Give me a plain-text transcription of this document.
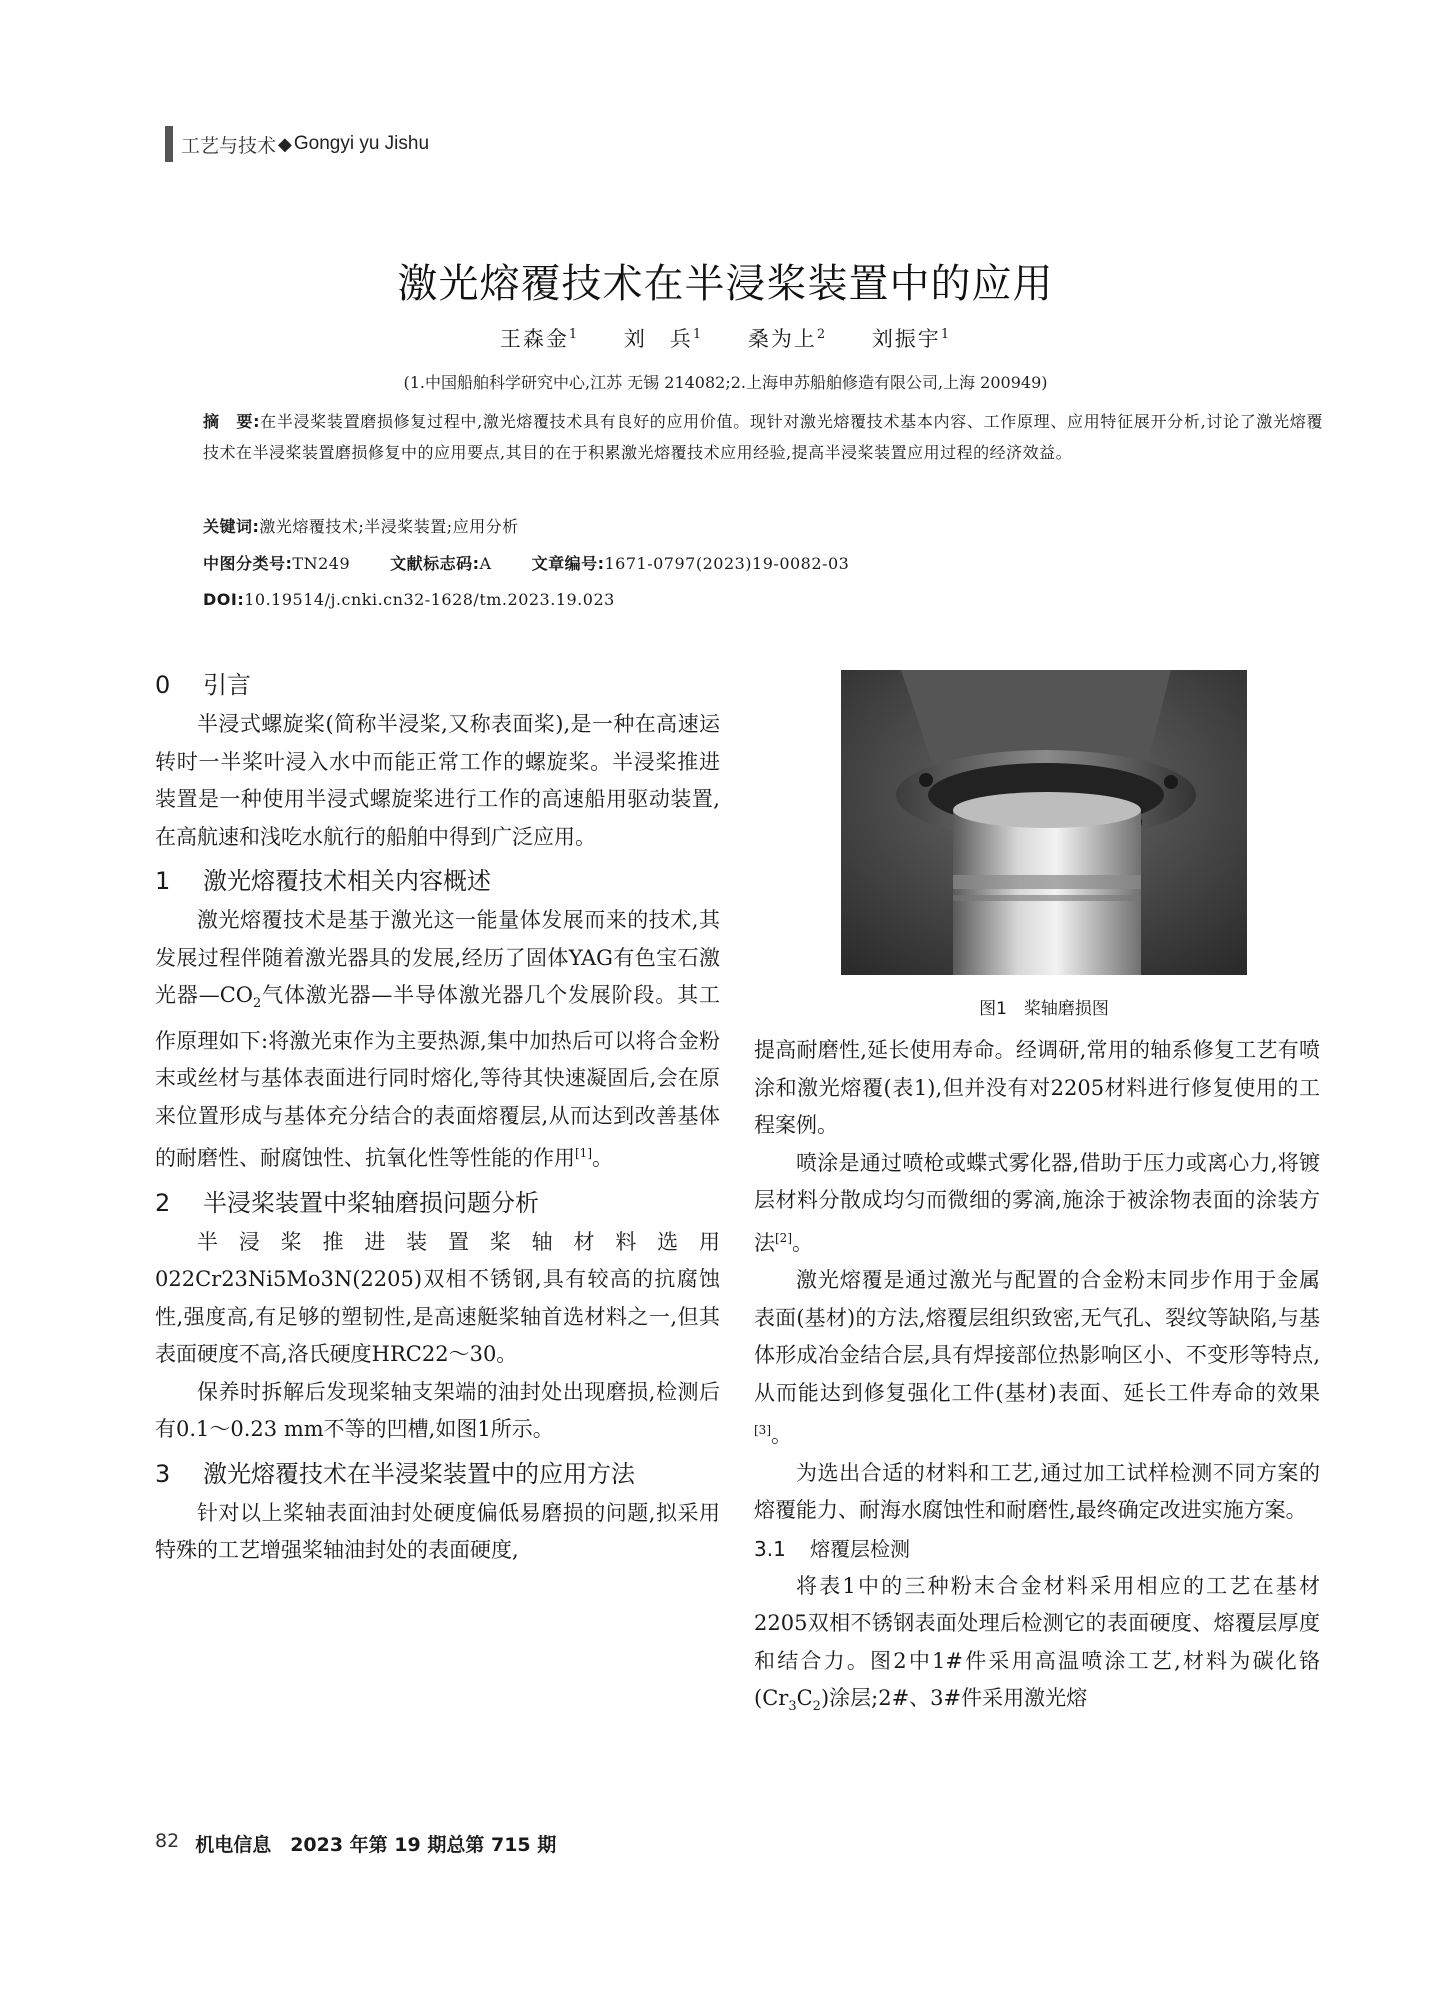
工艺与技术 ◆ Gongyi yu Jishu
激光熔覆技术在半浸桨装置中的应用
王森金$^1$ 刘　兵$^1$ 桑为上$^2$ 刘振宇$^1$
(1.中国船舶科学研究中心,江苏 无锡 214082;2.上海申苏船舶修造有限公司,上海 200949)
摘　要:在半浸桨装置磨损修复过程中,激光熔覆技术具有良好的应用价值。现针对激光熔覆技术基本内容、工作原理、应用特征展开分析,讨论了激光熔覆技术在半浸桨装置磨损修复中的应用要点,其目的在于积累激光熔覆技术应用经验,提高半浸桨装置应用过程的经济效益。
关键词:激光熔覆技术;半浸桨装置;应用分析
中图分类号:TN249	文献标志码:A	文章编号:1671-0797(2023)19-0082-03
DOI:10.19514/j.cnki.cn32-1628/tm.2023.19.023
0	引言

半浸式螺旋桨(简称半浸桨,又称表面桨),是一种在高速运转时一半桨叶浸入水中而能正常工作的螺旋桨。半浸桨推进装置是一种使用半浸式螺旋桨进行工作的高速船用驱动装置,在高航速和浅吃水航行的船舶中得到广泛应用。

1	激光熔覆技术相关内容概述

激光熔覆技术是基于激光这一能量体发展而来的技术,其发展过程伴随着激光器具的发展,经历了固体YAG有色宝石激光器$—CO_2$气体激光器—半导体激光器几个发展阶段。其工作原理如下:将激光束作为主要热源,集中加热后可以将合金粉末或丝材与基体表面进行同时熔化,等待其快速凝固后,会在原来位置形成与基体充分结合的表面熔覆层,从而达到改善基体的耐磨性、耐腐蚀性、抗氧化性等性能的作用[1]。

2	半浸桨装置中桨轴磨损问题分析

半浸桨推进装置桨轴材料选用022Cr23Ni5Mo3N(2205)双相不锈钢,具有较高的抗腐蚀性,强度高,有足够的塑韧性,是高速艇桨轴首选材料之一,但其表面硬度不高,洛氏硬度HRC22～30。

保养时拆解后发现桨轴支架端的油封处出现磨损,检测后有0.1～0.23 mm不等的凹槽,如图1所示。

3	激光熔覆技术在半浸桨装置中的应用方法

针对以上桨轴表面油封处硬度偏低易磨损的问题,拟采用特殊的工艺增强桨轴油封处的表面硬度,

图1　桨轴磨损图

提高耐磨性,延长使用寿命。经调研,常用的轴系修复工艺有喷涂和激光熔覆(表1),但并没有对2205材料进行修复使用的工程案例。

喷涂是通过喷枪或蝶式雾化器,借助于压力或离心力,将镀层材料分散成均匀而微细的雾滴,施涂于被涂物表面的涂装方法[2]。

激光熔覆是通过激光与配置的合金粉末同步作用于金属表面(基材)的方法,熔覆层组织致密,无气孔、裂纹等缺陷,与基体形成冶金结合层,具有焊接部位热影响区小、不变形等特点,从而能达到修复强化工件(基材)表面、延长工件寿命的效果[3]。

为选出合适的材料和工艺,通过加工试样检测不同方案的熔覆能力、耐海水腐蚀性和耐磨性,最终确定改进实施方案。

3.1	熔覆层检测

将表1中的三种粉末合金材料采用相应的工艺在基材2205双相不锈钢表面处理后检测它的表面硬度、熔覆层厚度和结合力。图2中1#件采用高温喷涂工艺,材料为碳化铬$(Cr_3C_2)$涂层;2#、3#件采用激光熔

82 机电信息　2023 年第 19 期总第 715 期
